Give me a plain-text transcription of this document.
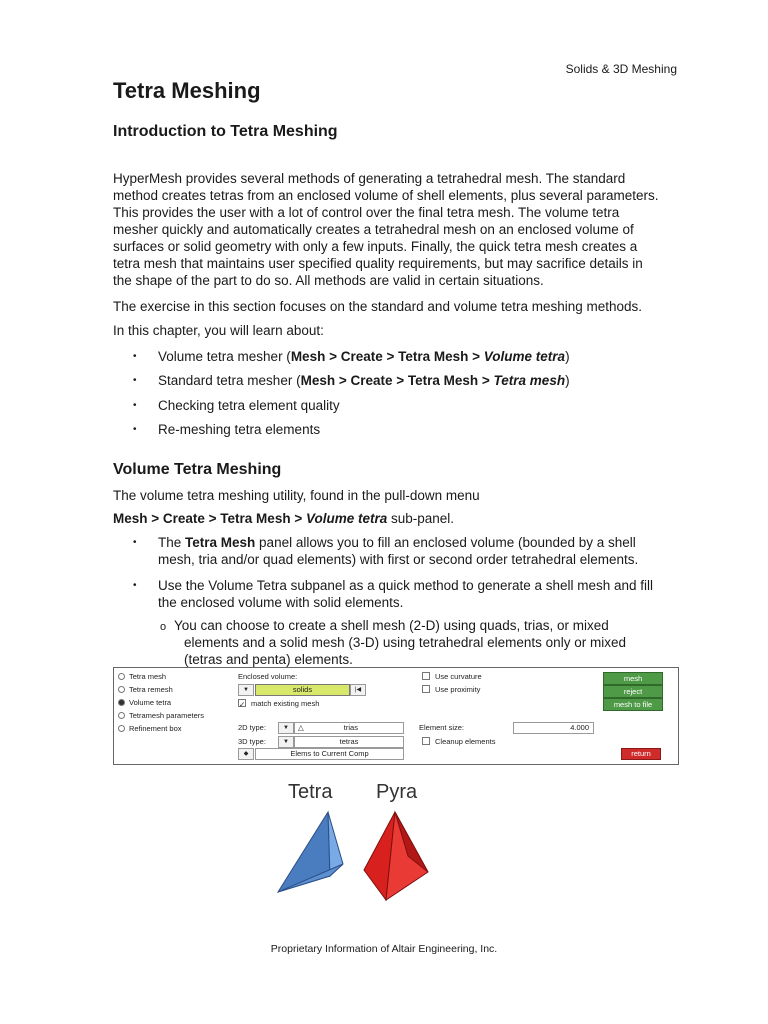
Solids & 3D Meshing
Tetra Meshing
Introduction to Tetra Meshing

HyperMesh provides several methods of generating a tetrahedral mesh. The standard

method creates tetras from an enclosed volume of shell elements, plus several parameters.

This provides the user with a lot of control over the final tetra mesh. The volume tetra

mesher quickly and automatically creates a tetrahedral mesh on an enclosed volume of

surfaces or solid geometry with only a few inputs. Finally, the quick tetra mesh creates a

tetra mesh that maintains user specified quality requirements, but may sacrifice details in

the shape of the part to do so. All methods are valid in certain situations.

The exercise in this section focuses on the standard and volume tetra meshing methods.

In this chapter, you will learn about:

• Volume tetra mesher (Mesh > Create > Tetra Mesh > Volume tetra)
• Standard tetra mesher (Mesh > Create > Tetra Mesh > Tetra mesh)
• Checking tetra element quality
• Re-meshing tetra elements
Volume Tetra Meshing

The volume tetra meshing utility, found in the pull-down menu

Mesh > Create > Tetra Mesh > Volume tetra sub-panel.

• The Tetra Mesh panel allows you to fill an enclosed volume (bounded by a shell
mesh, tria and/or quad elements) with first or second order tetrahedral elements.
• Use the Volume Tetra subpanel as a quick method to generate a shell mesh and fill
the enclosed volume with solid elements.
o You can choose to create a shell mesh (2-D) using quads, trias, or mixed
elements and a solid mesh (3-D) using tetrahedral elements only or mixed
(tetras and penta) elements.
Tetra mesh
Tetra remesh
Volume tetra
Tetramesh parameters
Refinement box
Enclosed volume:
▼	solids	|◀
✓ match existing mesh
2D type:	▼	△	trias
3D type:	▼	tetras
◆	Elems to Current Comp
Use curvature
Use proximity
Element size:	4.000
Cleanup elements
mesh
reject
mesh to file
return
Tetra Pyra
Proprietary Information of Altair Engineering, Inc.
